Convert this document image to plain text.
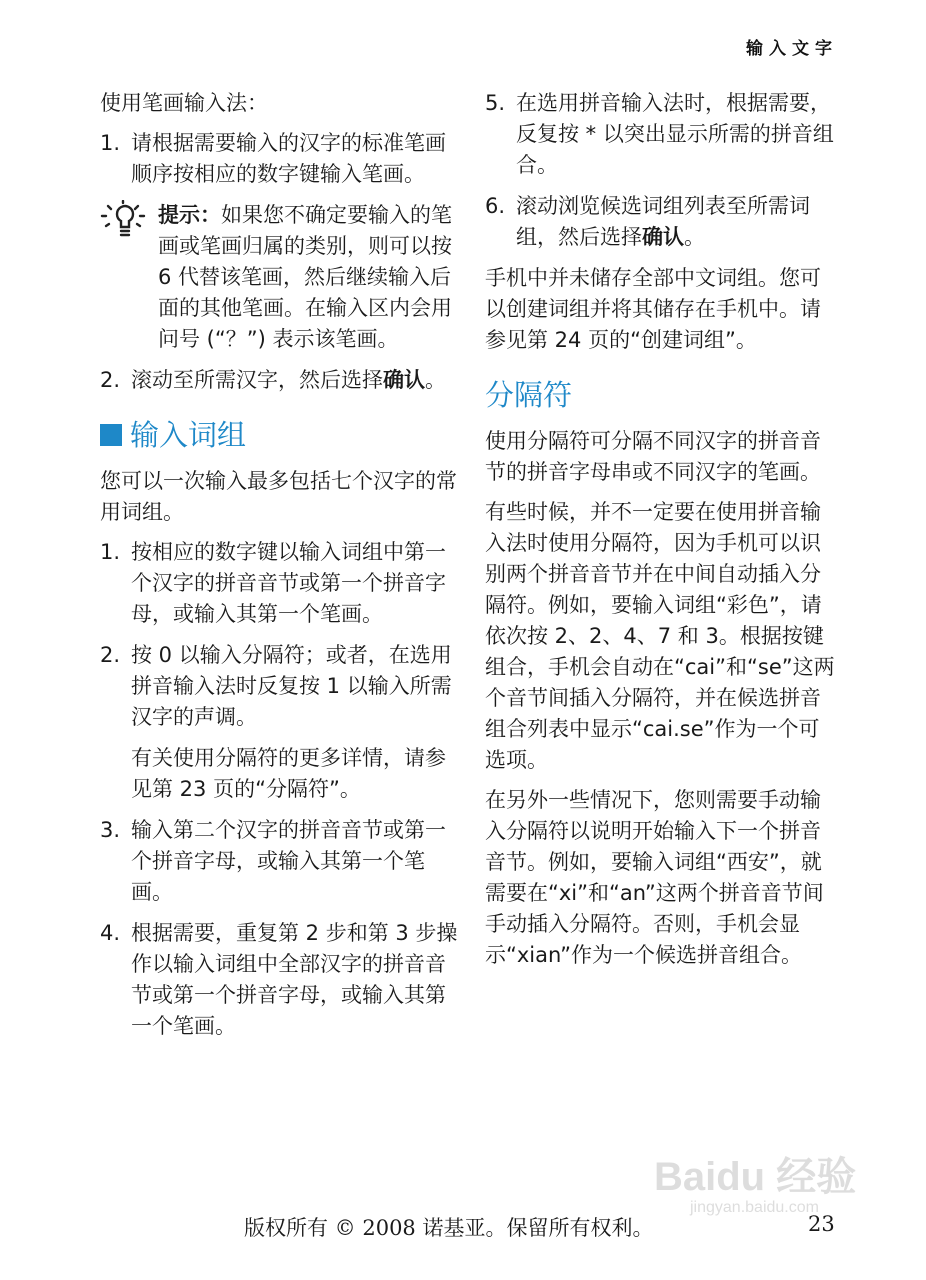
输入文字

使用笔画输入法：

1. 请根据需要输入的汉字的标准笔画顺序按相应的数字键输入笔画。
提示：如果您不确定要输入的笔画或笔画归属的类别，则可以按 6 代替该笔画，然后继续输入后面的其他笔画。在输入区内会用问号 (“？”) 表示该笔画。
2. 滚动至所需汉字，然后选择确认。
输入词组

您可以一次输入最多包括七个汉字的常用词组。

1. 按相应的数字键以输入词组中第一个汉字的拼音音节或第一个拼音字母，或输入其第一个笔画。
2. 按 0 以输入分隔符；或者，在选用拼音输入法时反复按 1 以输入所需汉字的声调。

有关使用分隔符的更多详情，请参见第 23 页的“分隔符”。

3. 输入第二个汉字的拼音音节或第一个拼音字母，或输入其第一个笔画。
4. 根据需要，重复第 2 步和第 3 步操作以输入词组中全部汉字的拼音音节或第一个拼音字母，或输入其第一个笔画。
5. 在选用拼音输入法时，根据需要，反复按 * 以突出显示所需的拼音组合。
6. 滚动浏览候选词组列表至所需词组，然后选择确认。

手机中并未储存全部中文词组。您可以创建词组并将其储存在手机中。请参见第 24 页的“创建词组”。

分隔符

使用分隔符可分隔不同汉字的拼音音节的拼音字母串或不同汉字的笔画。

有些时候，并不一定要在使用拼音输入法时使用分隔符，因为手机可以识别两个拼音音节并在中间自动插入分隔符。例如，要输入词组“彩色”，请依次按 2、2、4、7 和 3。根据按键组合，手机会自动在“cai”和“se”这两个音节间插入分隔符，并在候选拼音组合列表中显示“cai.se”作为一个可选项。

在另外一些情况下，您则需要手动输入分隔符以说明开始输入下一个拼音音节。例如，要输入词组“西安”，就需要在“xi”和“an”这两个拼音音节间手动插入分隔符。否则，手机会显示“xian”作为一个候选拼音组合。

Baidu 经验
jingyan.baidu.com
版权所有 © 2008 诺基亚。保留所有权利。	23
